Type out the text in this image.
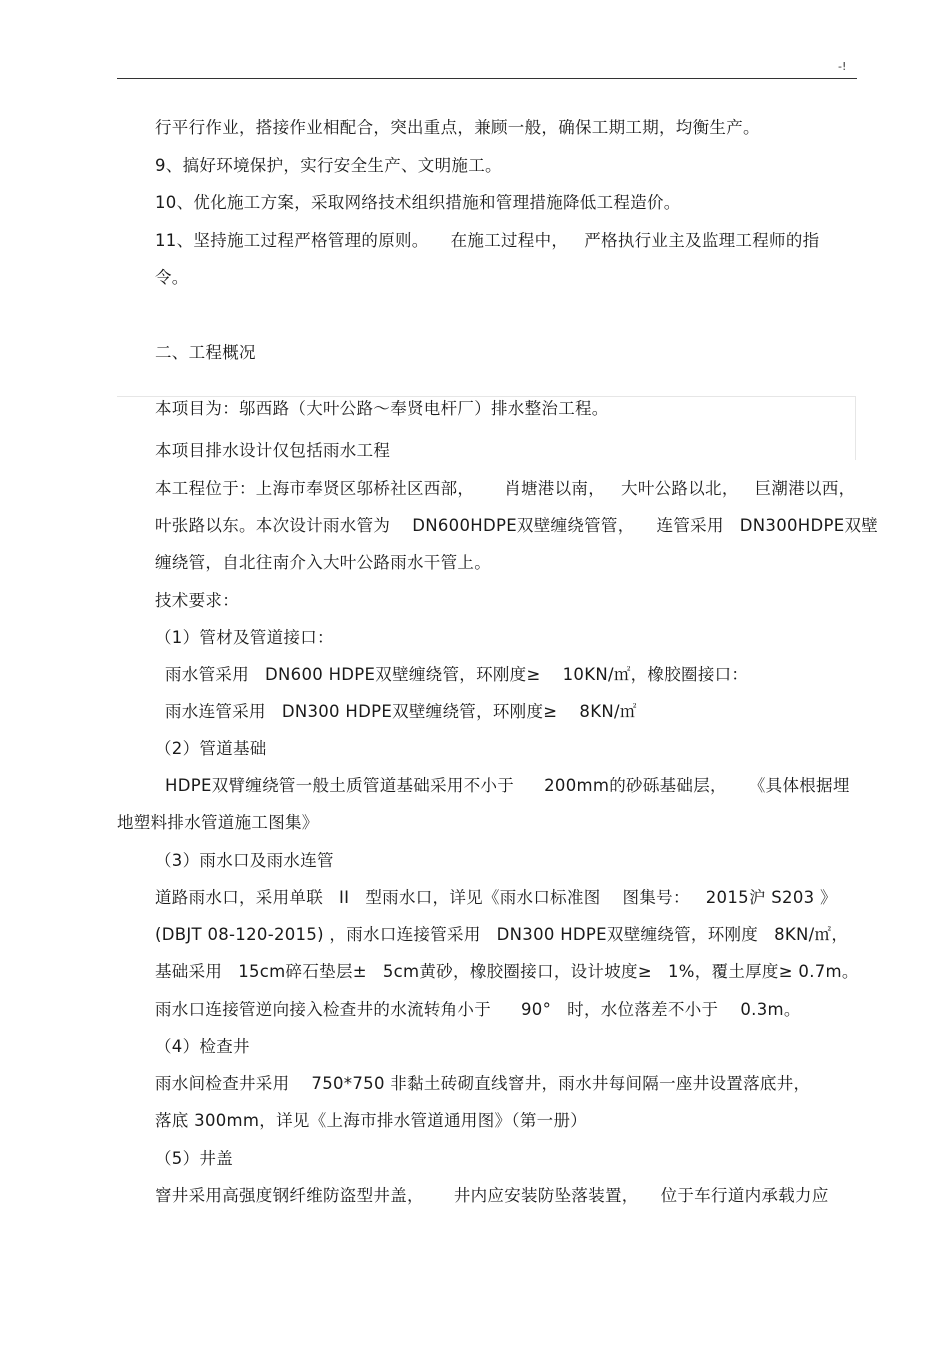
-!
行平行作业，搭接作业相配合，突出重点，兼顾一般，确保工期工期，均衡生产。
9、搞好环境保护，实行安全生产、文明施工。
10、优化施工方案，采取网络技术组织措施和管理措施降低工程造价。
11、坚持施工过程严格管理的原则。 在施工过程中， 严格执行业主及监理工程师的指
令。
二、工程概况
本项目为：邬西路（大叶公路～奉贤电杆厂）排水整治工程。
本项目排水设计仅包括雨水工程
本工程位于：上海市奉贤区邬桥社区西部， 肖塘港以南， 大叶公路以北， 巨潮港以西，
叶张路以东。本次设计雨水管为 DN600HDPE双壁缠绕管管， 连管采用 DN300HDPE双壁
缠绕管，自北往南介入大叶公路雨水干管上。
技术要求：
（1）管材及管道接口：
雨水管采用 DN600 HDPE双壁缠绕管，环刚度≥ 10KN/㎡，橡胶圈接口：
雨水连管采用 DN300 HDPE双壁缠绕管，环刚度≥ 8KN/㎡
（2）管道基础
HDPE双臂缠绕管一般土质管道基础采用不小于 200mm的砂砾基础层， 《具体根据埋
地塑料排水管道施工图集》
（3）雨水口及雨水连管
道路雨水口，采用单联 II 型雨水口，详见《雨水口标准图 图集号： 2015沪 S203 》
(DBJT 08-120-2015) ，雨水口连接管采用 DN300 HDPE双壁缠绕管，环刚度 8KN/㎡，
基础采用 15cm碎石垫层± 5cm黄砂，橡胶圈接口，设计坡度≥ 1%，覆土厚度≥ 0.7m。
雨水口连接管逆向接入检查井的水流转角小于 90° 时，水位落差不小于 0.3m。
（4）检查井
雨水间检查井采用 750*750 非黏土砖砌直线窨井，雨水井每间隔一座井设置落底井，
落底 300mm，详见《上海市排水管道通用图》（第一册）
（5）井盖
窨井采用高强度钢纤维防盗型井盖， 井内应安装防坠落装置， 位于车行道内承载力应
